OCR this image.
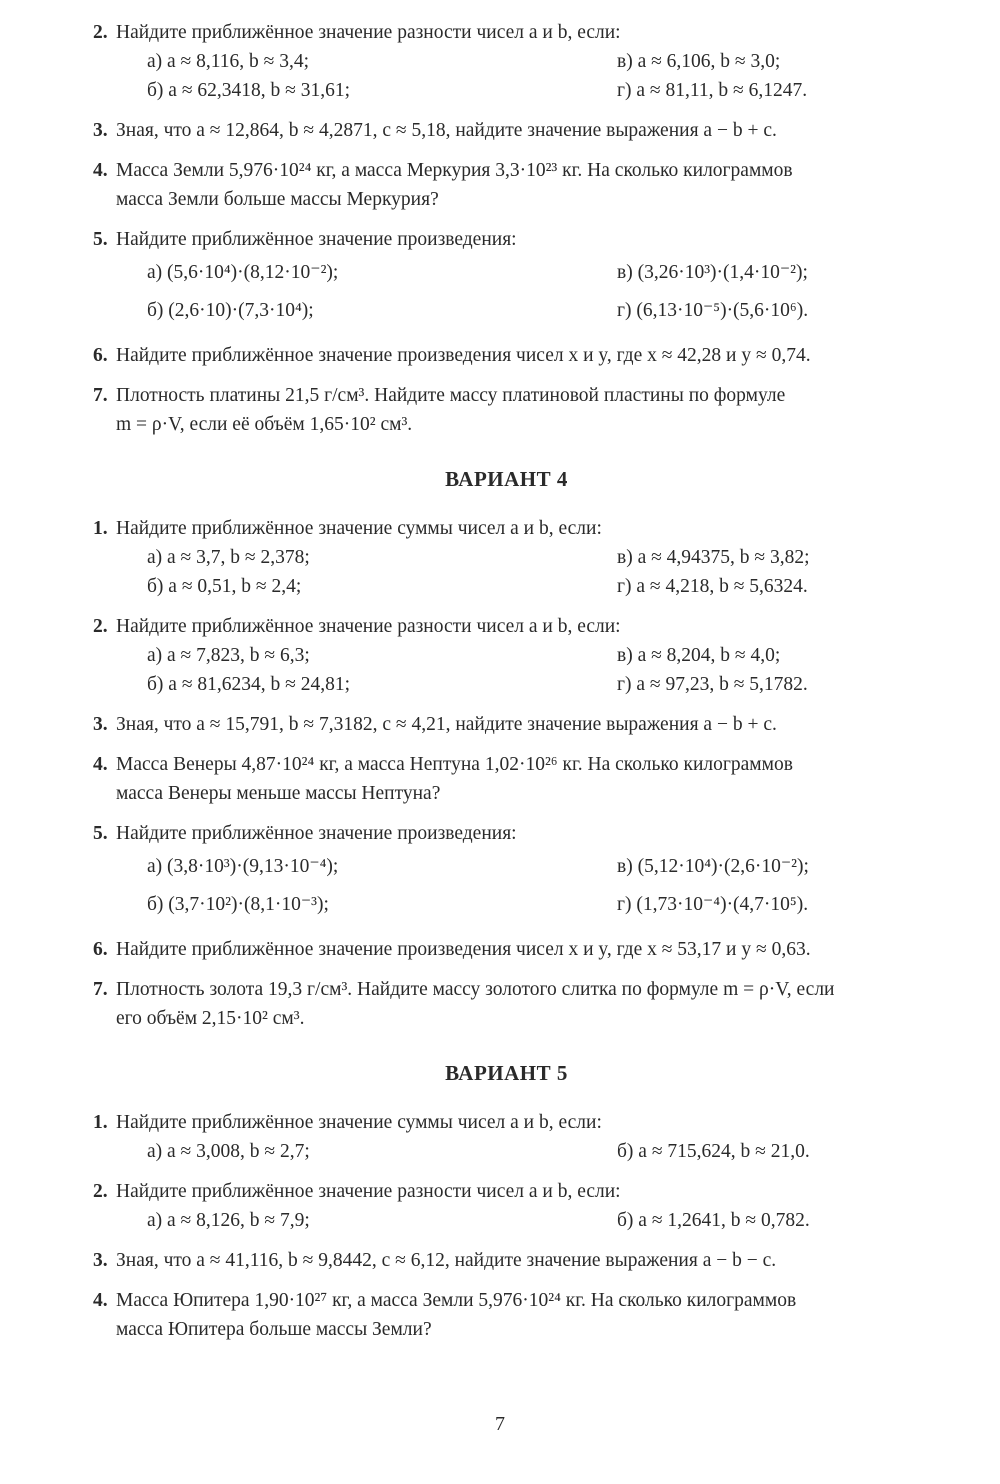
2. Найдите приближённое значение разности чисел a и b, если:
а) a ≈ 8,116, b ≈ 3,4;	в) a ≈ 6,106, b ≈ 3,0;
б) a ≈ 62,3418, b ≈ 31,61;	г) a ≈ 81,11, b ≈ 6,1247.
3. Зная, что a ≈ 12,864, b ≈ 4,2871, c ≈ 5,18, найдите значение выражения a − b + c.
4. Масса Земли 5,976·10²⁴ кг, а масса Меркурия 3,3·10²³ кг. На сколько килограммов
масса Земли больше массы Меркурия?
5. Найдите приближённое значение произведения:
а) (5,6·10⁴)·(8,12·10⁻²);	в) (3,26·10³)·(1,4·10⁻²);
б) (2,6·10)·(7,3·10⁴);	г) (6,13·10⁻⁵)·(5,6·10⁶).
6. Найдите приближённое значение произведения чисел x и y, где x ≈ 42,28 и y ≈ 0,74.
7. Плотность платины 21,5 г/см³. Найдите массу платиновой пластины по формуле
m = ρ·V, если её объём 1,65·10² см³.
ВАРИАНТ 4
1. Найдите приближённое значение суммы чисел a и b, если:
а) a ≈ 3,7, b ≈ 2,378;	в) a ≈ 4,94375, b ≈ 3,82;
б) a ≈ 0,51, b ≈ 2,4;	г) a ≈ 4,218, b ≈ 5,6324.
2. Найдите приближённое значение разности чисел a и b, если:
а) a ≈ 7,823, b ≈ 6,3;	в) a ≈ 8,204, b ≈ 4,0;
б) a ≈ 81,6234, b ≈ 24,81;	г) a ≈ 97,23, b ≈ 5,1782.
3. Зная, что a ≈ 15,791, b ≈ 7,3182, c ≈ 4,21, найдите значение выражения a − b + c.
4. Масса Венеры 4,87·10²⁴ кг, а масса Нептуна 1,02·10²⁶ кг. На сколько килограммов
масса Венеры меньше массы Нептуна?
5. Найдите приближённое значение произведения:
а) (3,8·10³)·(9,13·10⁻⁴);	в) (5,12·10⁴)·(2,6·10⁻²);
б) (3,7·10²)·(8,1·10⁻³);	г) (1,73·10⁻⁴)·(4,7·10⁵).
6. Найдите приближённое значение произведения чисел x и y, где x ≈ 53,17 и y ≈ 0,63.
7. Плотность золота 19,3 г/см³. Найдите массу золотого слитка по формуле m = ρ·V, если
его объём 2,15·10² см³.
ВАРИАНТ 5
1. Найдите приближённое значение суммы чисел a и b, если:
а) a ≈ 3,008, b ≈ 2,7;	б) a ≈ 715,624, b ≈ 21,0.
2. Найдите приближённое значение разности чисел a и b, если:
а) a ≈ 8,126, b ≈ 7,9;	б) a ≈ 1,2641, b ≈ 0,782.
3. Зная, что a ≈ 41,116, b ≈ 9,8442, c ≈ 6,12, найдите значение выражения a − b − c.
4. Масса Юпитера 1,90·10²⁷ кг, а масса Земли 5,976·10²⁴ кг. На сколько килограммов
масса Юпитера больше массы Земли?
7
